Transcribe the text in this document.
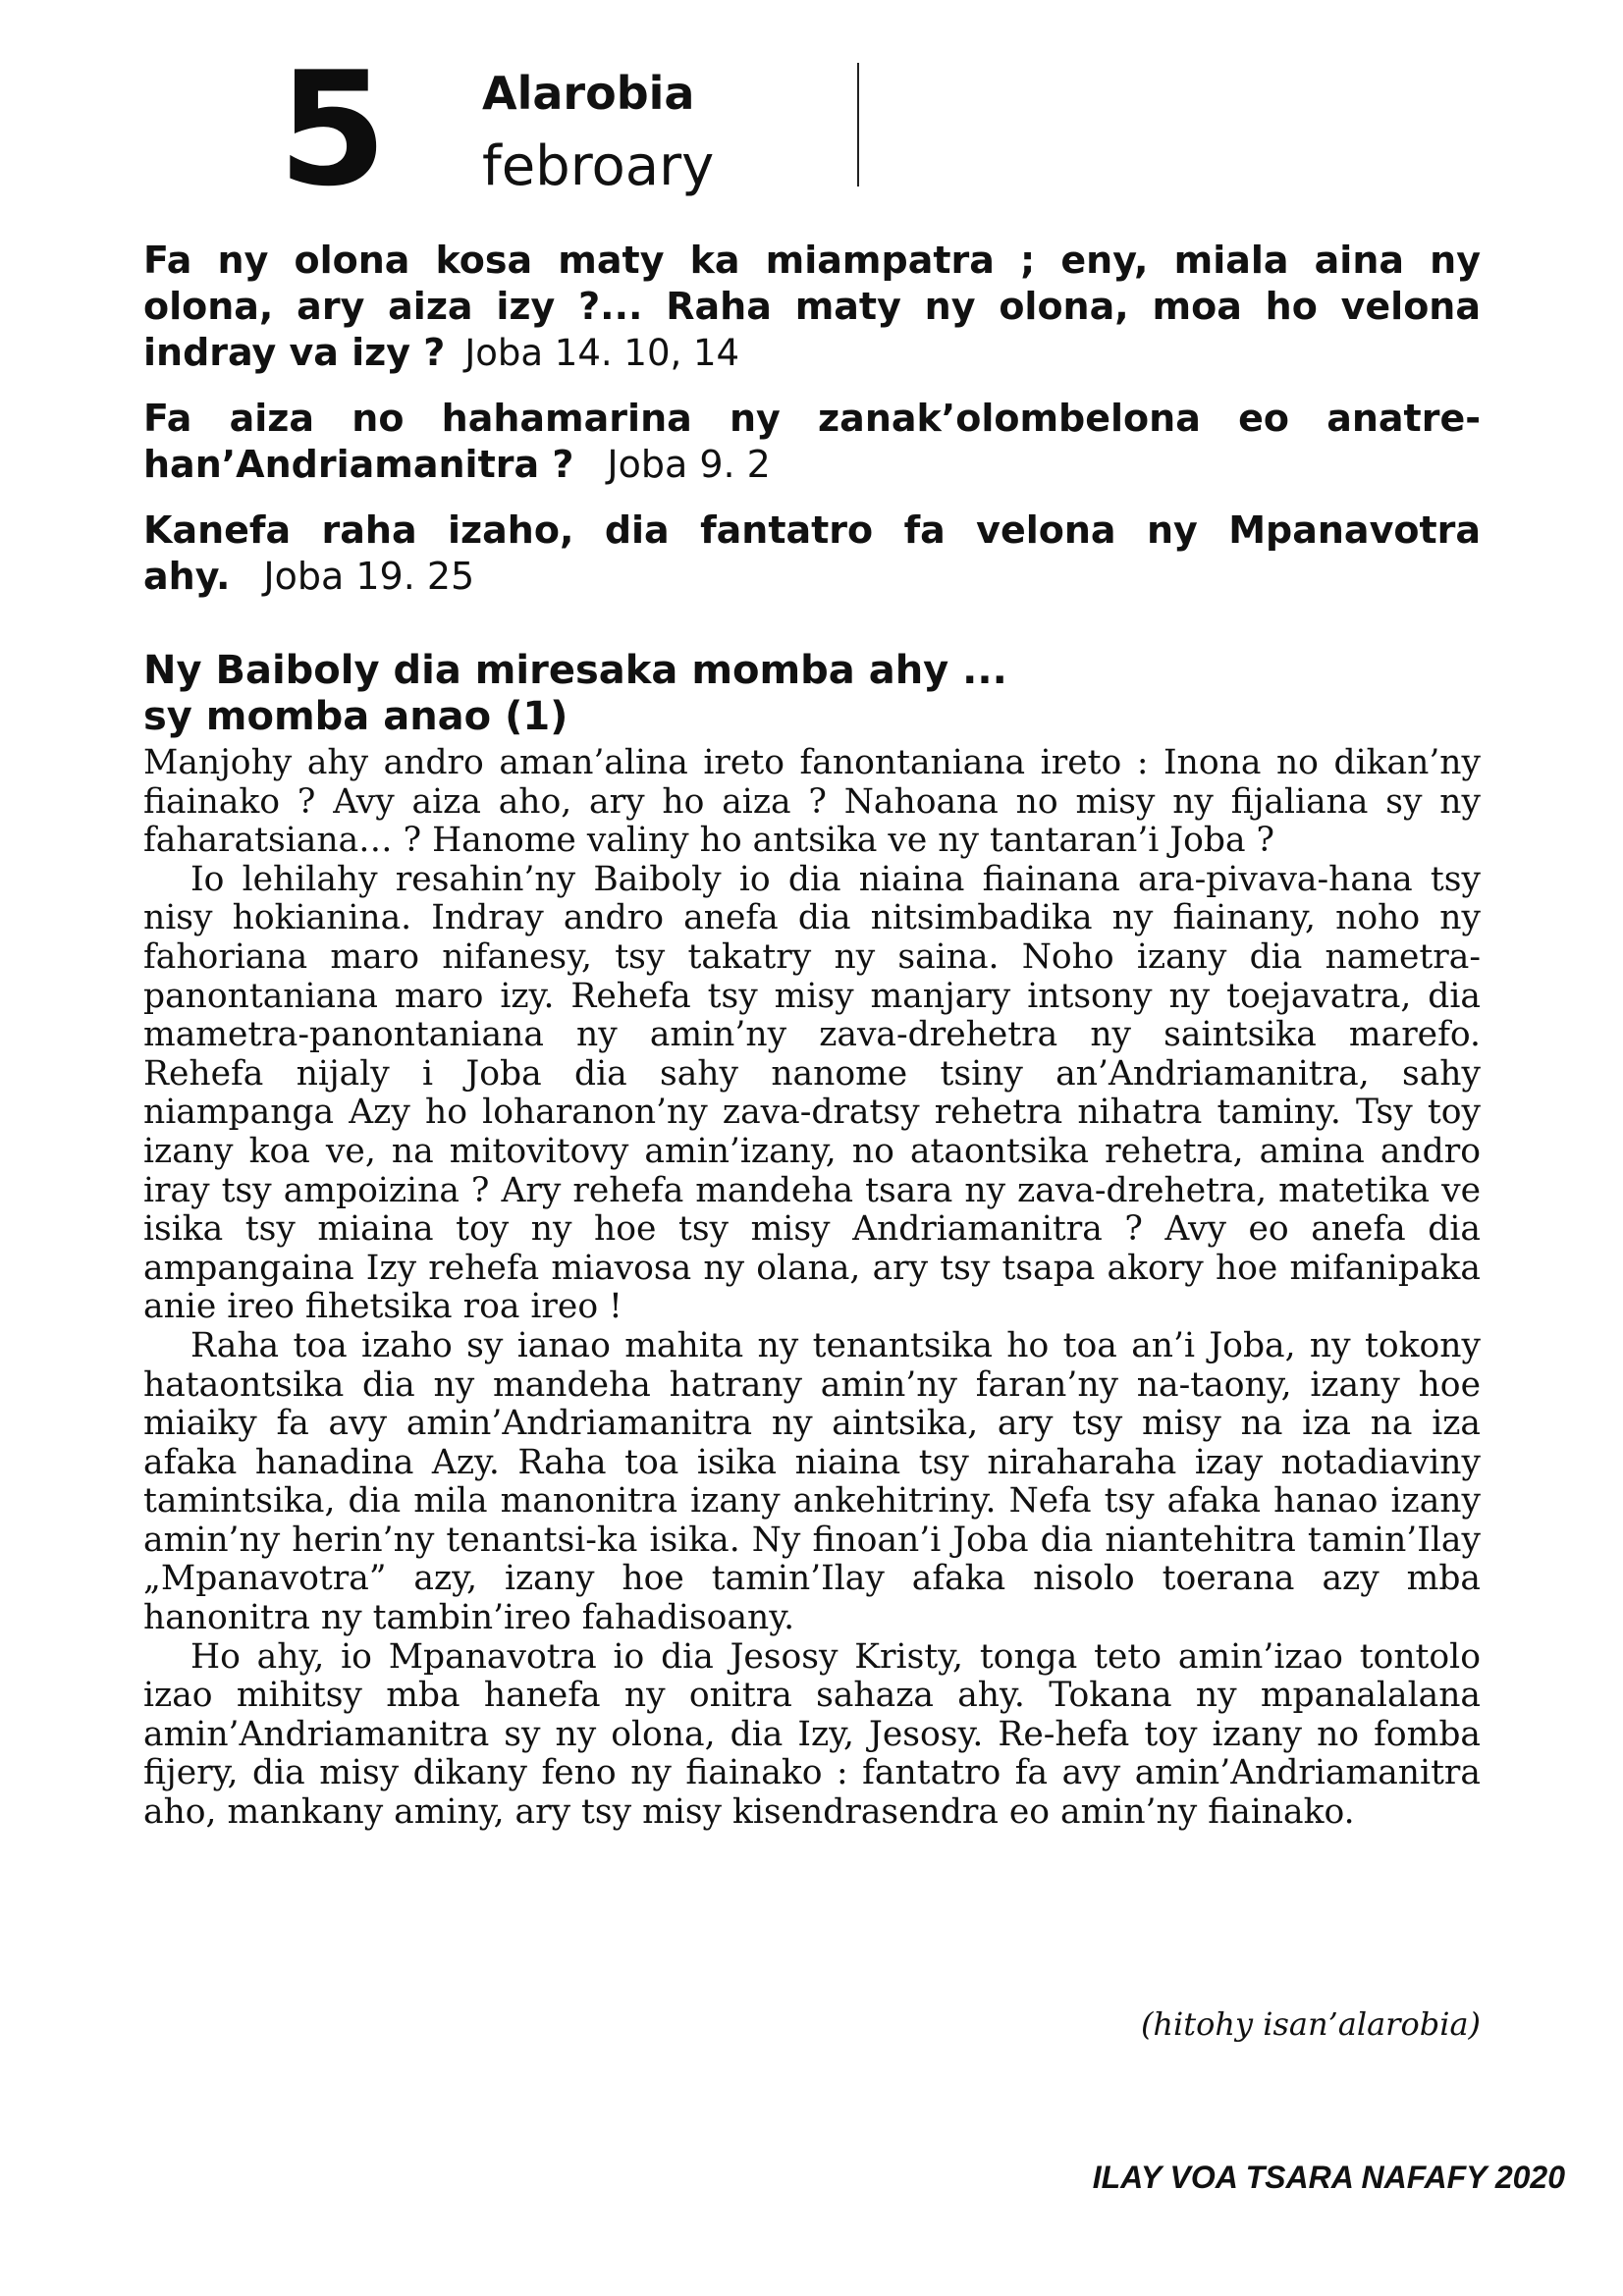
5 Alarobia
febroary

Fa ny olona kosa maty ka miampatra ; eny, miala aina ny olona, ary aiza izy ?... Raha maty ny olona, moa ho velona indray va izy ? Joba 14. 10, 14

Fa aiza no hahamarina ny zanak’olombelona eo anatre-han’Andriamanitra ? Joba 9. 2

Kanefa raha izaho, dia fantatro fa velona ny Mpanavotra ahy. Joba 19. 25

Ny Baiboly dia miresaka momba ahy ...
sy momba anao (1)

Manjohy ahy andro aman’alina ireto fanontaniana ireto : Inona no dikan’ny fiainako ? Avy aiza aho, ary ho aiza ? Nahoana no misy ny fijaliana sy ny faharatsiana… ? Hanome valiny ho antsika ve ny tantaran’i Joba ?

Io lehilahy resahin’ny Baiboly io dia niaina fiainana ara-pivava-hana tsy nisy hokianina. Indray andro anefa dia nitsimbadika ny fiainany, noho ny fahoriana maro nifanesy, tsy takatry ny saina. Noho izany dia nametra-panontaniana maro izy. Rehefa tsy misy manjary intsony ny toejavatra, dia mametra-panontaniana ny amin’ny zava-drehetra ny saintsika marefo. Rehefa nijaly i Joba dia sahy nanome tsiny an’Andriamanitra, sahy niampanga Azy ho loharanon’ny zava-dratsy rehetra nihatra taminy. Tsy toy izany koa ve, na mitovitovy amin’izany, no ataontsika rehetra, amina andro iray tsy ampoizina ? Ary rehefa mandeha tsara ny zava-drehetra, matetika ve isika tsy miaina toy ny hoe tsy misy Andriamanitra ? Avy eo anefa dia ampangaina Izy rehefa miavosa ny olana, ary tsy tsapa akory hoe mifanipaka anie ireo fihetsika roa ireo !

Raha toa izaho sy ianao mahita ny tenantsika ho toa an’i Joba, ny tokony hataontsika dia ny mandeha hatrany amin’ny faran’ny na-taony, izany hoe miaiky fa avy amin’Andriamanitra ny aintsika, ary tsy misy na iza na iza afaka hanadina Azy. Raha toa isika niaina tsy niraharaha izay notadiaviny tamintsika, dia mila manonitra izany ankehitriny. Nefa tsy afaka hanao izany amin’ny herin’ny tenantsi-ka isika. Ny finoan’i Joba dia niantehitra tamin’Ilay „Mpanavotra” azy, izany hoe tamin’Ilay afaka nisolo toerana azy mba hanonitra ny tambin’ireo fahadisoany.

Ho ahy, io Mpanavotra io dia Jesosy Kristy, tonga teto amin’izao tontolo izao mihitsy mba hanefa ny onitra sahaza ahy. Tokana ny mpanalalana amin’Andriamanitra sy ny olona, dia Izy, Jesosy. Re-hefa toy izany no fomba fijery, dia misy dikany feno ny fiainako : fantatro fa avy amin’Andriamanitra aho, mankany aminy, ary tsy misy kisendrasendra eo amin’ny fiainako.

(hitohy isan’alarobia)
ILAY VOA TSARA NAFAFY 2020
